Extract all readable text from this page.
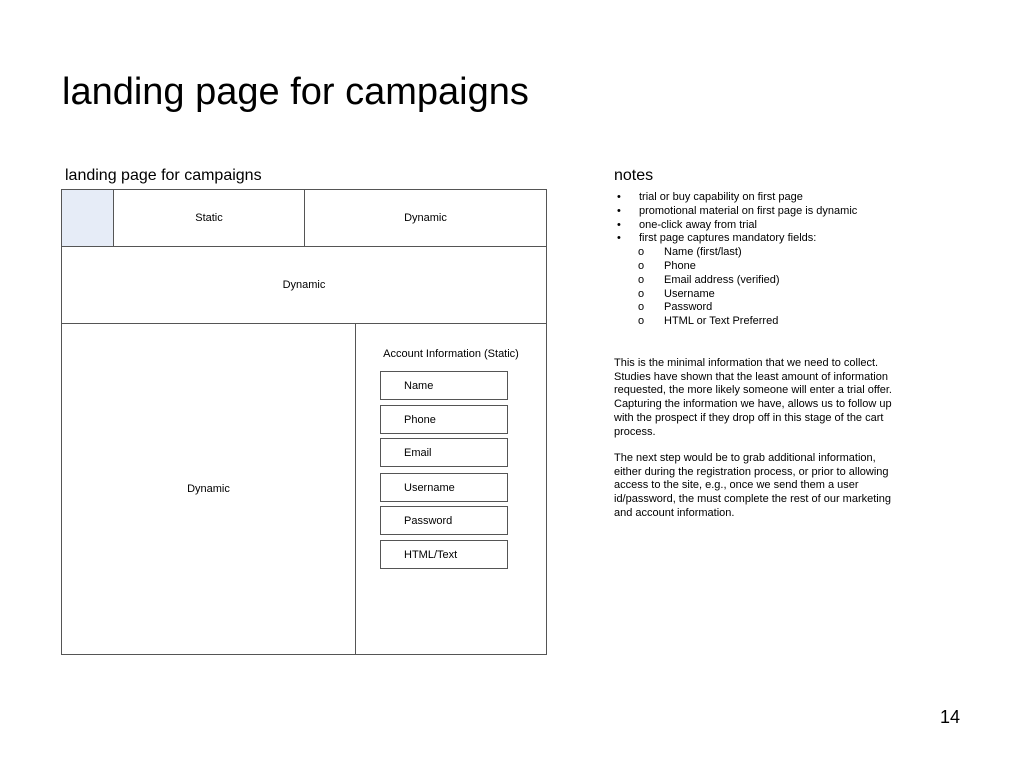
landing page for campaigns
landing page for campaigns	notes
Static	Dynamic
Dynamic
Dynamic
Account Information (Static)
Name
Phone
Email
Username
Password
HTML/Text
• trial or buy capability on first page
• promotional material on first page is dynamic
• one-click away from trial
• first page captures mandatory fields:
o Name (first/last)
o Phone
o Email address (verified)
o Username
o Password
o HTML or Text Preferred

This is the minimal information that we need to collect. Studies have shown that the least amount of information requested, the more likely someone will enter a trial offer. Capturing the information we have, allows us to follow up with the prospect if they drop off in this stage of the cart process.

The next step would be to grab additional information, either during the registration process, or prior to allowing access to the site, e.g., once we send them a user id/password, the must complete the rest of our marketing and account information.

14
